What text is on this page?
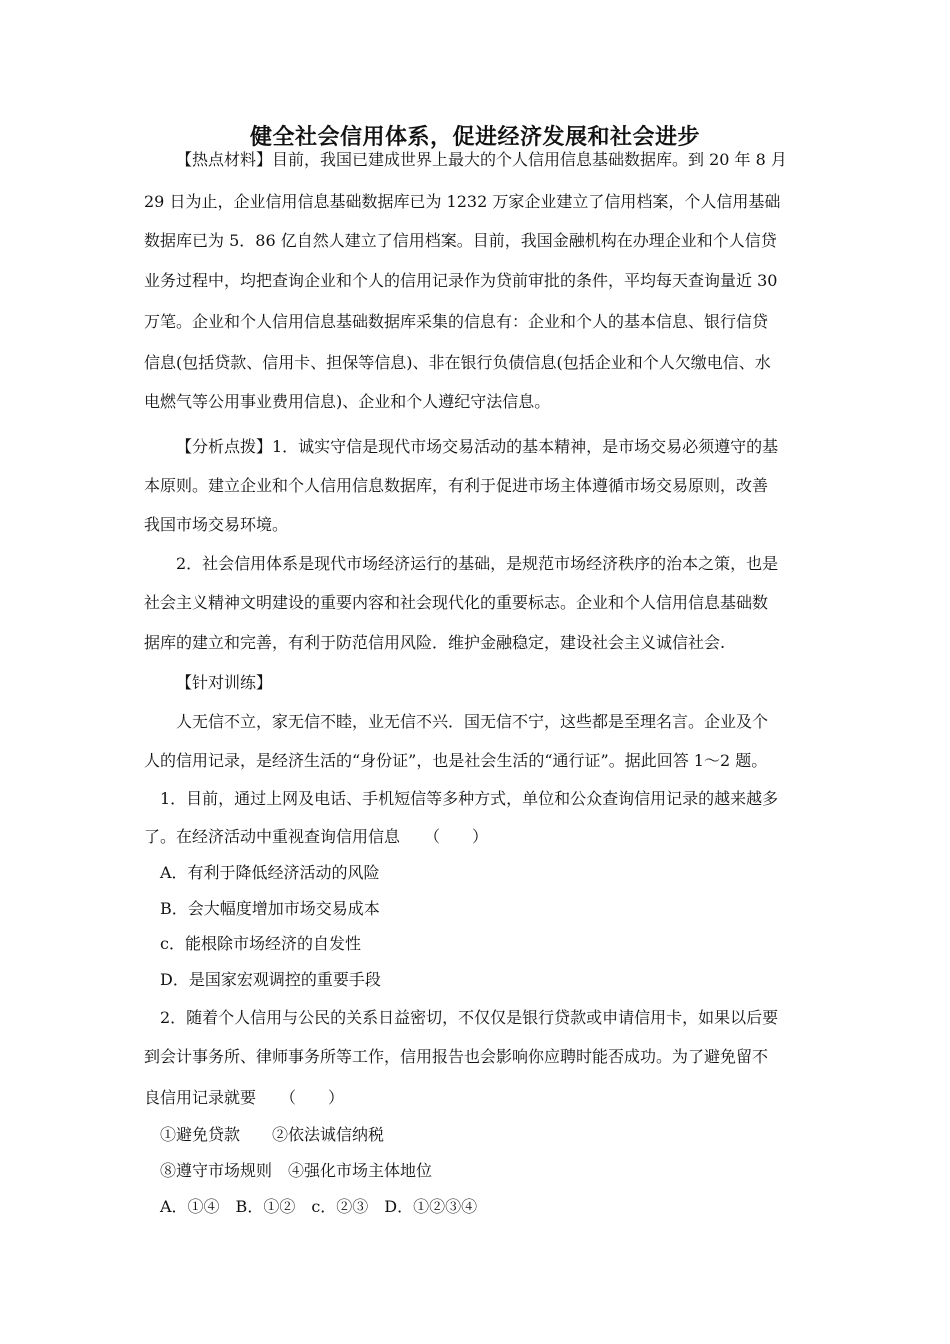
健全社会信用体系，促进经济发展和社会进步
【热点材料】目前，我国已建成世界上最大的个人信用信息基础数据库。到 20 年 8 月
29 日为止，企业信用信息基础数据库已为 1232 万家企业建立了信用档案，个人信用基础
数据库已为 5．86 亿自然人建立了信用档案。目前，我国金融机构在办理企业和个人信贷
业务过程中，均把查询企业和个人的信用记录作为贷前审批的条件，平均每天查询量近 30
万笔。企业和个人信用信息基础数据库采集的信息有：企业和个人的基本信息、银行信贷
信息(包括贷款、信用卡、担保等信息)、非在银行负债信息(包括企业和个人欠缴电信、水
电燃气等公用事业费用信息)、企业和个人遵纪守法信息。
【分析点拨】1．诚实守信是现代市场交易活动的基本精神，是市场交易必须遵守的基
本原则。建立企业和个人信用信息数据库，有利于促进市场主体遵循市场交易原则，改善
我国市场交易环境。
2．社会信用体系是现代市场经济运行的基础，是规范市场经济秩序的治本之策，也是
社会主义精神文明建设的重要内容和社会现代化的重要标志。企业和个人信用信息基础数
据库的建立和完善，有利于防范信用风险．维护金融稳定，建设社会主义诚信社会.
【针对训练】
人无信不立，家无信不睦，业无信不兴．国无信不宁，这些都是至理名言。企业及个
人的信用记录，是经济生活的“身份证”，也是社会生活的“通行证”。据此回答 1～2 题。
1．目前，通过上网及电话、手机短信等多种方式，单位和公众查询信用记录的越来越多
了。在经济活动中重视查询信用信息　　（　　）
A．有利于降低经济活动的风险
B．会大幅度增加市场交易成本
c．能根除市场经济的自发性
D．是国家宏观调控的重要手段
2．随着个人信用与公民的关系日益密切，不仅仅是银行贷款或申请信用卡，如果以后要
到会计事务所、律师事务所等工作，信用报告也会影响你应聘时能否成功。为了避免留不
良信用记录就要　　（　　）
①避免贷款　　②依法诚信纳税
⑧遵守市场规则　④强化市场主体地位
A．①④　B．①②　c．②③　D．①②③④
